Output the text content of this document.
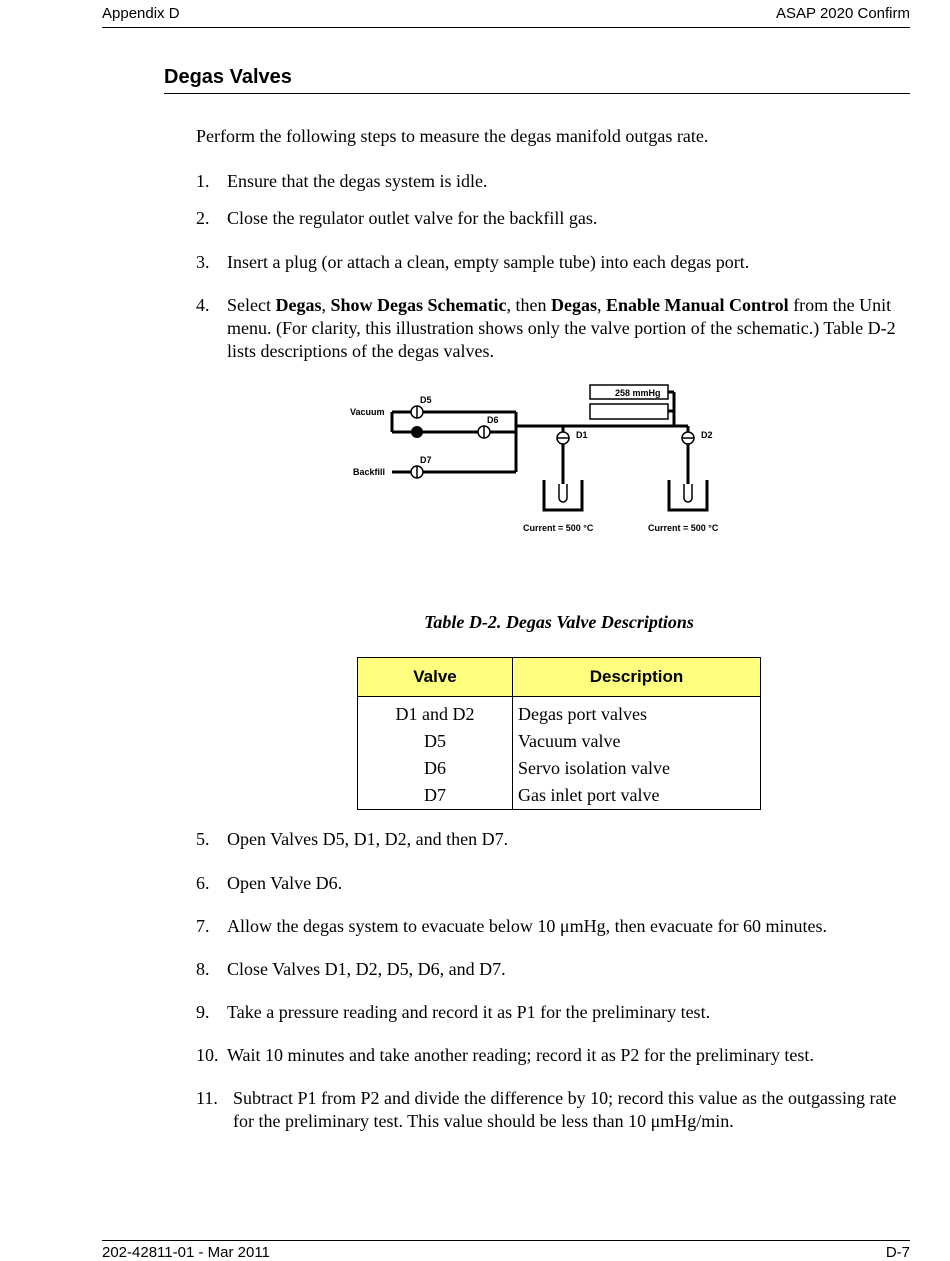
Appendix D	ASAP 2020 Confirm
Degas Valves
Perform the following steps to measure the degas manifold outgas rate.
1. Ensure that the degas system is idle.
2. Close the regulator outlet valve for the backfill gas.
3. Insert a plug (or attach a clean, empty sample tube) into each degas port.
4. Select Degas, Show Degas Schematic, then Degas, Enable Manual Control from the Unit menu. (For clarity, this illustration shows only the valve portion of the schematic.) Table D-2 lists descriptions of the degas valves.
Vacuum
Backfill
D5
D6
D7
D1	D2
258 mmHg
Current = 500 °C	Current = 500 °C
Table D-2. Degas Valve Descriptions
Valve	Description
D1 and D2	Degas port valves
D5	Vacuum valve
D6	Servo isolation valve
D7	Gas inlet port valve
5. Open Valves D5, D1, D2, and then D7.
6. Open Valve D6.
7. Allow the degas system to evacuate below 10 μmHg, then evacuate for 60 minutes.
8. Close Valves D1, D2, D5, D6, and D7.
9. Take a pressure reading and record it as P1 for the preliminary test.
10. Wait 10 minutes and take another reading; record it as P2 for the preliminary test.
11. Subtract P1 from P2 and divide the difference by 10; record this value as the outgassing rate for the preliminary test. This value should be less than 10 μmHg/min.
202-42811-01 - Mar 2011	D-7
